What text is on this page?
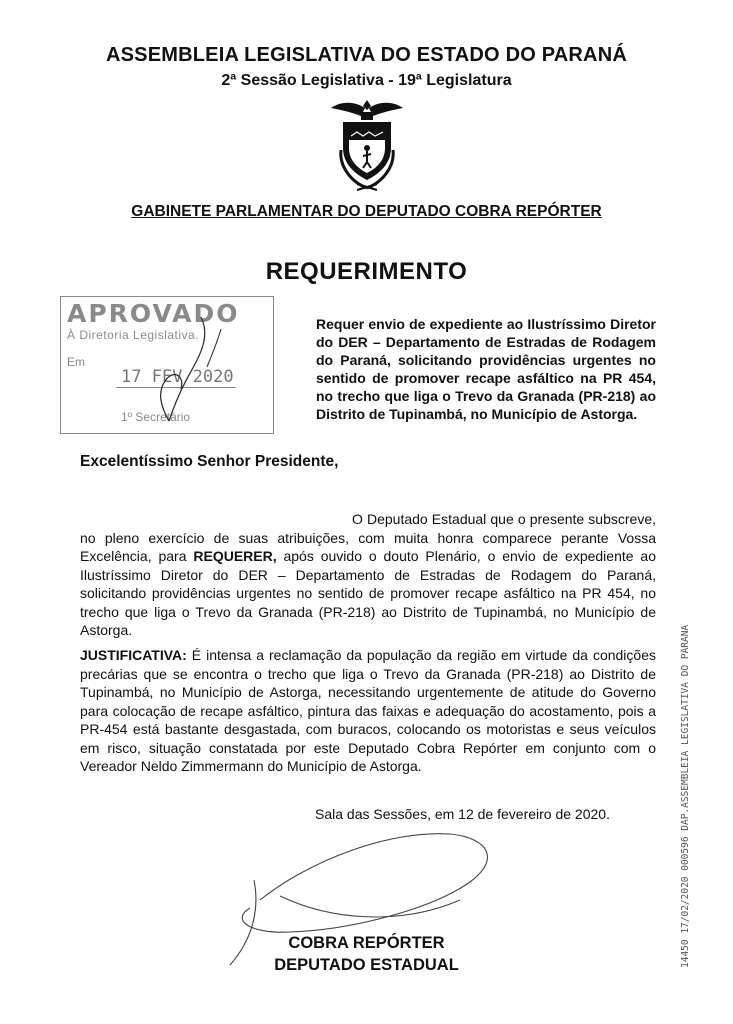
ASSEMBLEIA LEGISLATIVA DO ESTADO DO PARANÁ
2ª Sessão Legislativa - 19ª Legislatura
GABINETE PARLAMENTAR DO DEPUTADO COBRA REPÓRTER
REQUERIMENTO
APROVADO
À Diretoria Legislativa.
Em
17 FEV 2020
1º Secretário
Requer envio de expediente ao Ilustríssimo Diretor do DER – Departamento de Estradas de Rodagem do Paraná, solicitando providências urgentes no sentido de promover recape asfáltico na PR 454, no trecho que liga o Trevo da Granada (PR-218) ao Distrito de Tupinambá, no Município de Astorga.
Excelentíssimo Senhor Presidente,
O Deputado Estadual que o presente subscreve, no pleno exercício de suas atribuições, com muita honra comparece perante Vossa Excelência, para REQUERER, após ouvido o douto Plenário, o envio de expediente ao Ilustríssimo Diretor do DER – Departamento de Estradas de Rodagem do Paraná, solicitando providências urgentes no sentido de promover recape asfáltico na PR 454, no trecho que liga o Trevo da Granada (PR-218) ao Distrito de Tupinambá, no Município de Astorga.
JUSTIFICATIVA: É intensa a reclamação da população da região em virtude da condições precárias que se encontra o trecho que liga o Trevo da Granada (PR-218) ao Distrito de Tupinambá, no Município de Astorga, necessitando urgentemente de atitude do Governo para colocação de recape asfáltico, pintura das faixas e adequação do acostamento, pois a PR-454 está bastante desgastada, com buracos, colocando os motoristas e seus veículos em risco, situação constatada por este Deputado Cobra Repórter em conjunto com o Vereador Neldo Zimmermann do Município de Astorga.
Sala das Sessões, em 12 de fevereiro de 2020.
COBRA REPÓRTER
DEPUTADO ESTADUAL	14450 17/02/2020 000596 DAP.ASSEMBLEIA LEGISLATIVA DO PARANA
